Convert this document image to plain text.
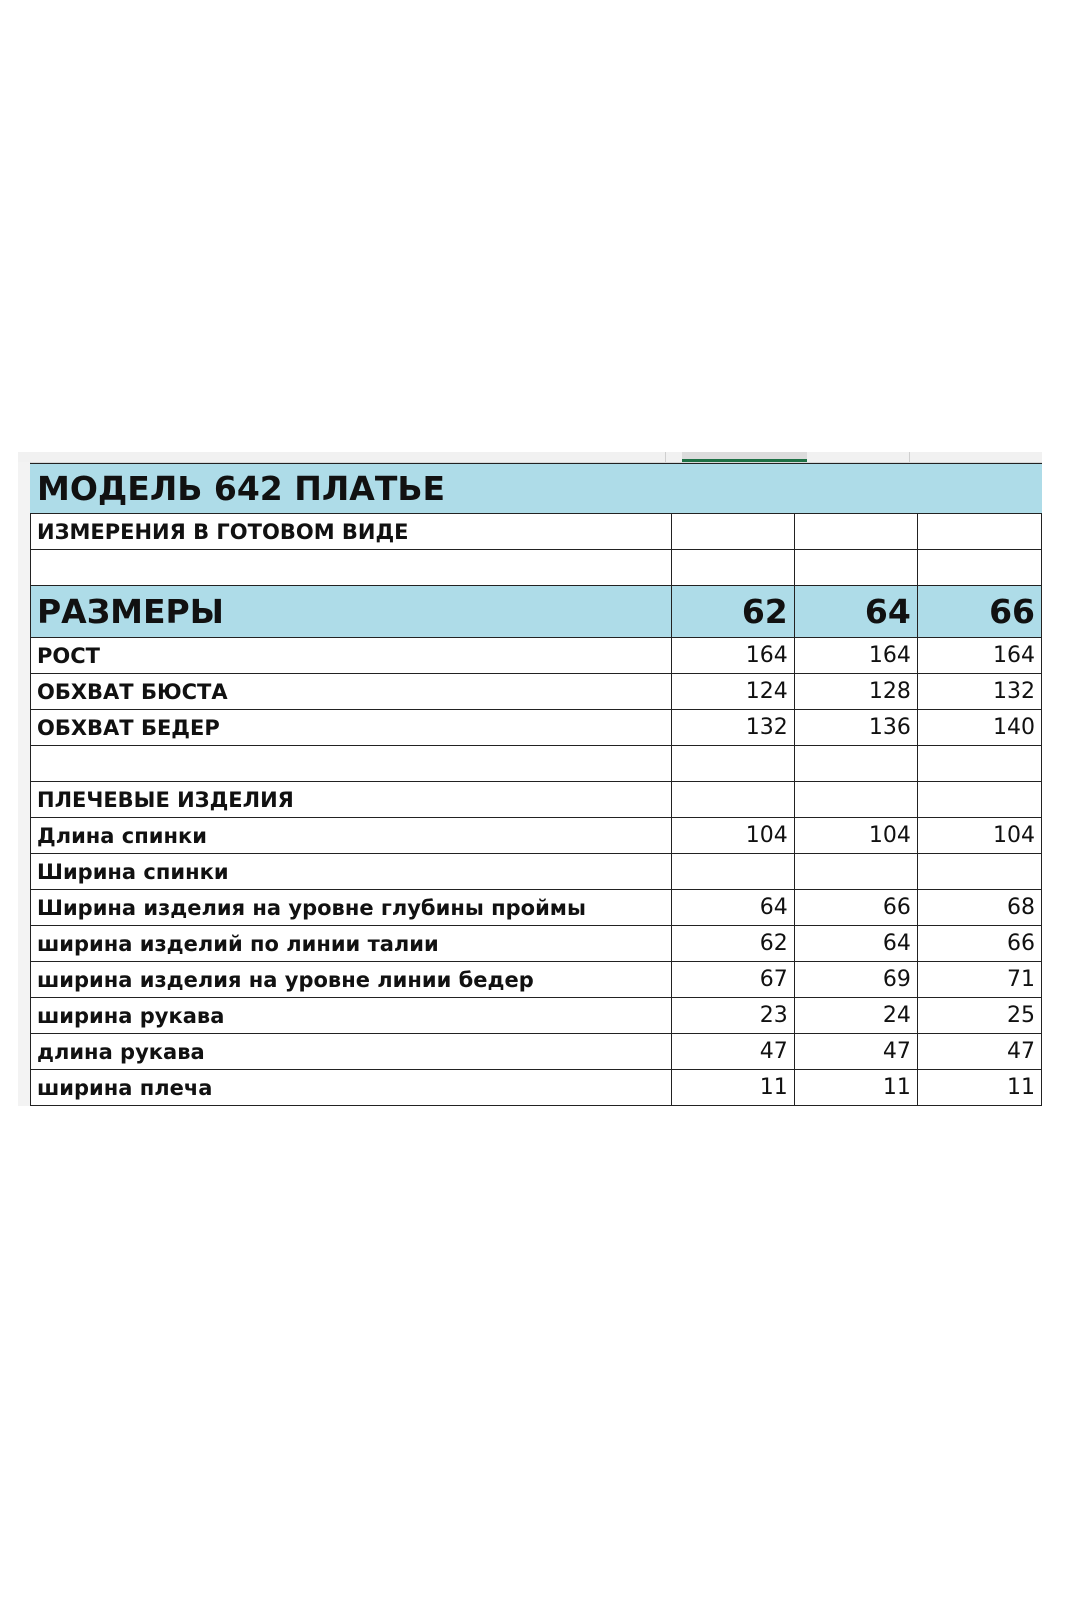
МОДЕЛЬ 642 ПЛАТЬЕ			
ИЗМЕРЕНИЯ В ГОТОВОМ ВИДЕ			

РАЗМЕРЫ	62	64	66
РОСТ	164	164	164
ОБХВАТ БЮСТА	124	128	132
ОБХВАТ БЕДЕР	132	136	140

ПЛЕЧЕВЫЕ ИЗДЕЛИЯ			
Длина спинки	104	104	104
Ширина спинки			
Ширина изделия на уровне глубины проймы	64	66	68
ширина изделий по линии талии	62	64	66
ширина изделия на уровне линии бедер	67	69	71
ширина рукава	23	24	25
длина рукава	47	47	47
ширина плеча	11	11	11
